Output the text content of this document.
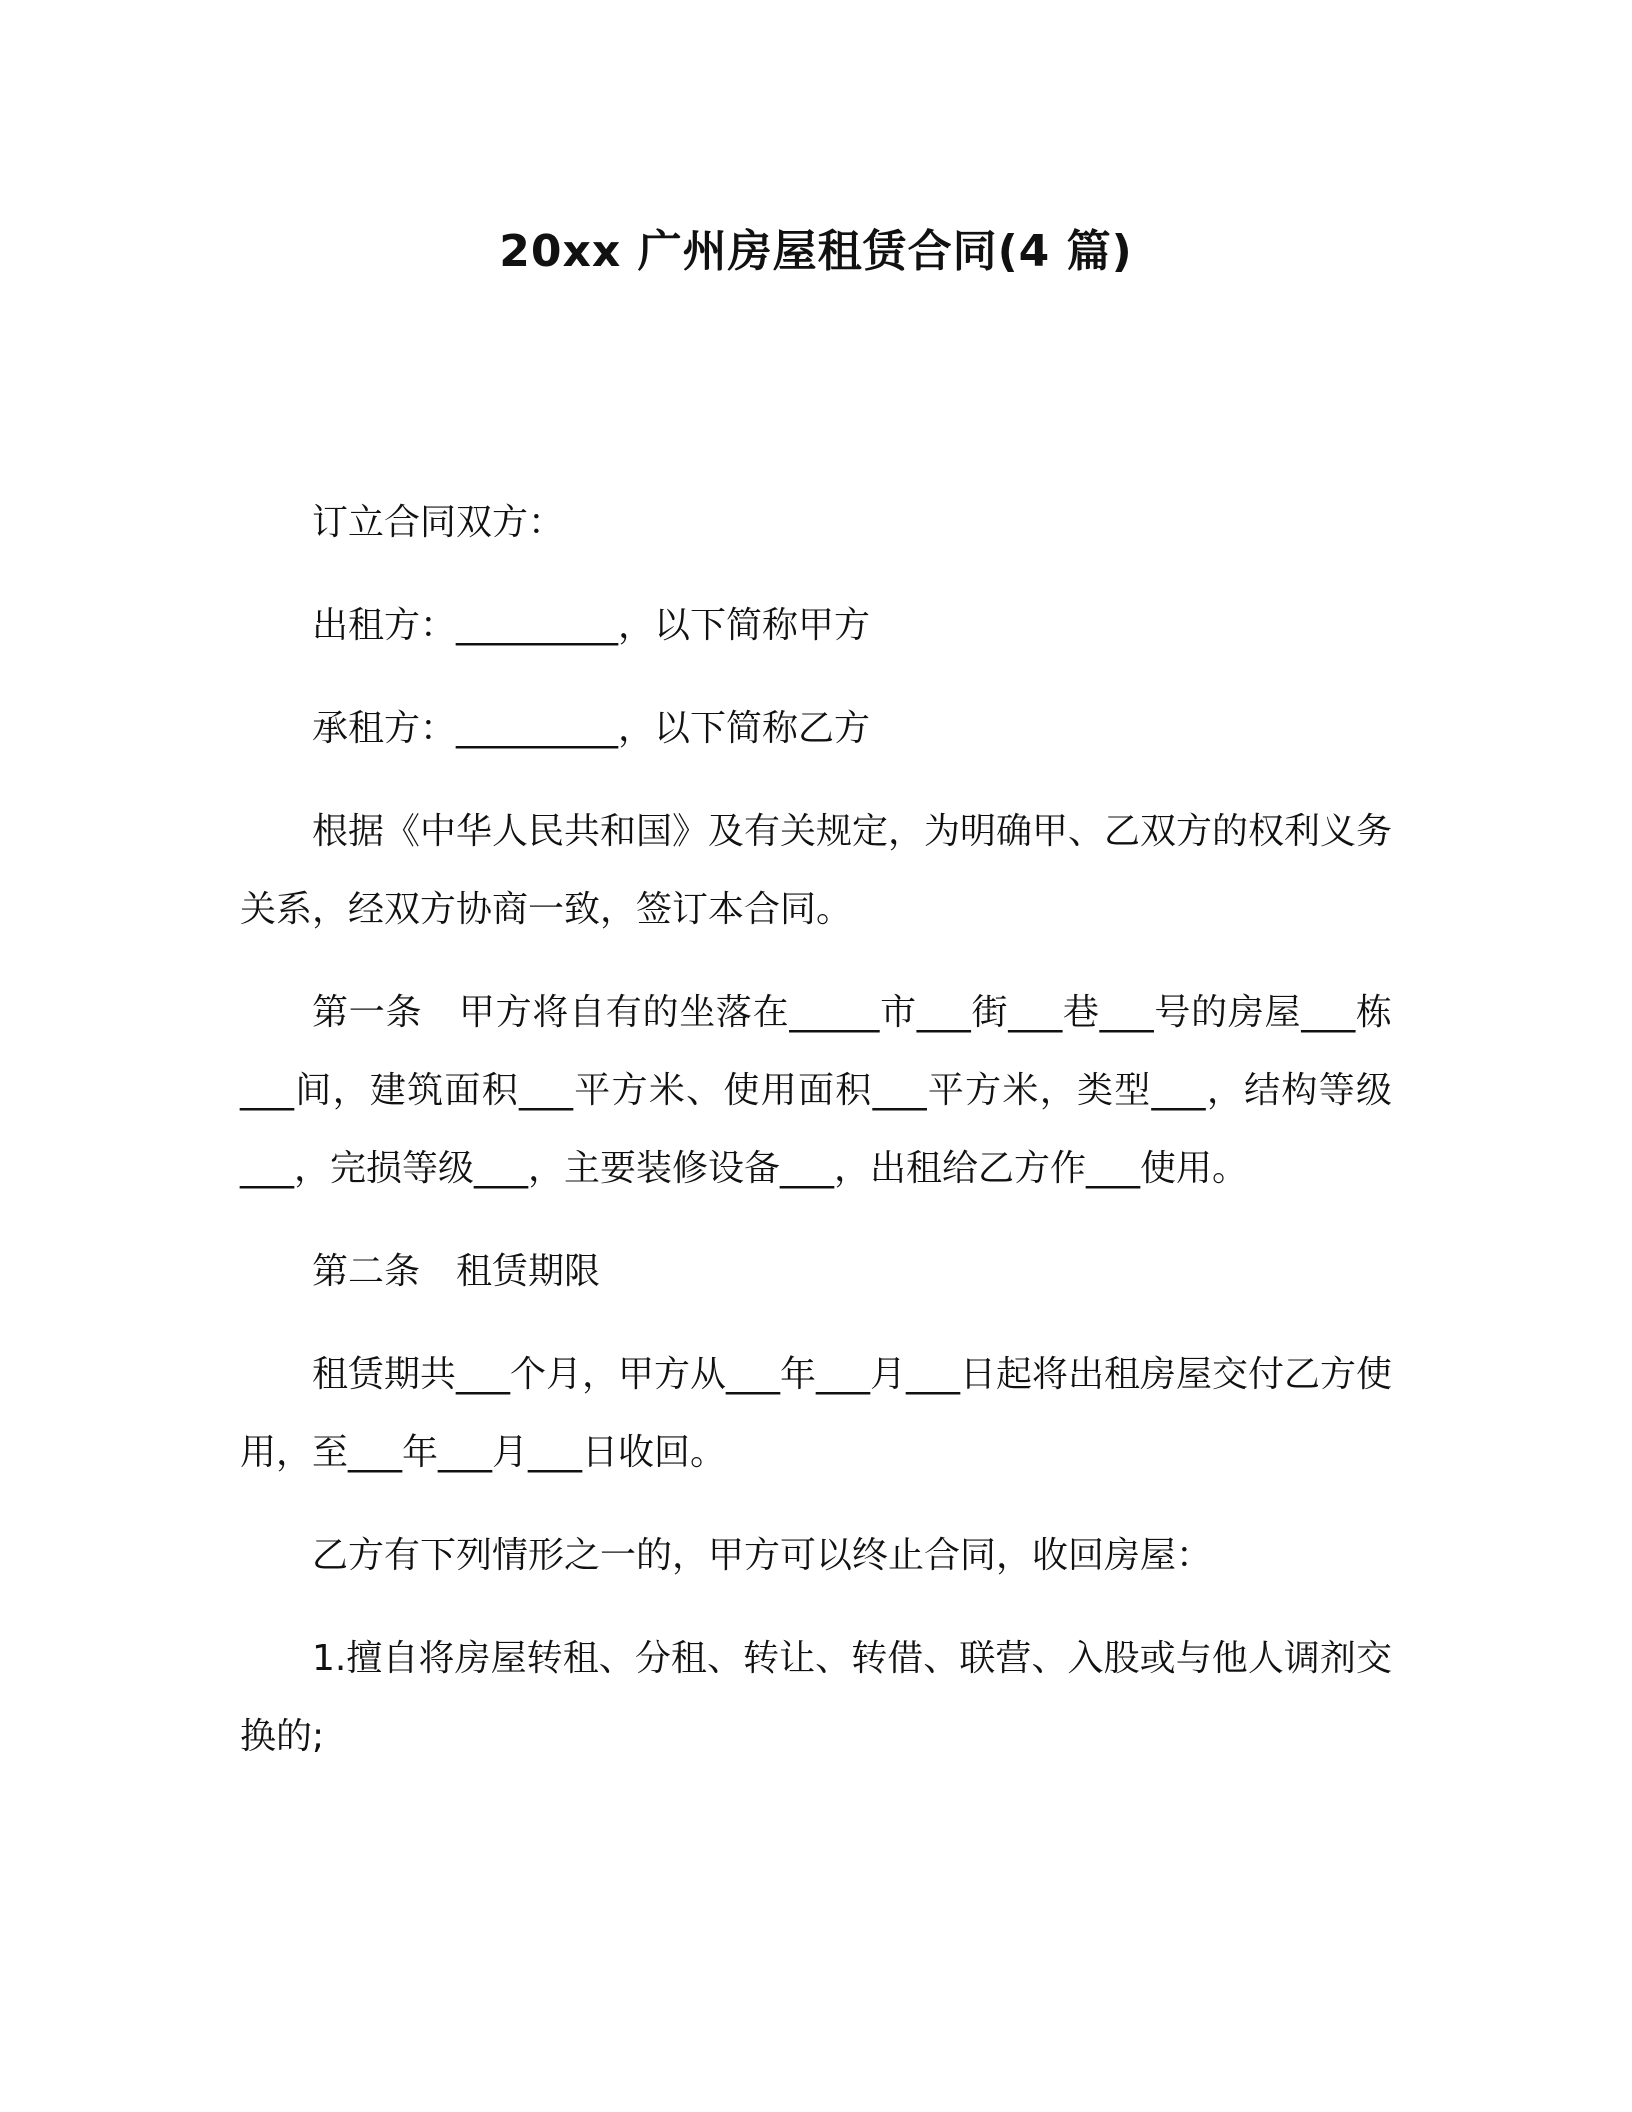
20xx 广州房屋租赁合同(4 篇)

订立合同双方：

出租方：_________，以下简称甲方

承租方：_________，以下简称乙方

根据《中华人民共和国》及有关规定，为明确甲、乙双方的权利义务关系，经双方协商一致，签订本合同。

第一条　甲方将自有的坐落在_____市___街___巷___号的房屋___栋___间，建筑面积___平方米、使用面积___平方米，类型___，结构等级___，完损等级___，主要装修设备___，出租给乙方作___使用。

第二条　租赁期限

租赁期共___个月，甲方从___年___月___日起将出租房屋交付乙方使用，至___年___月___日收回。

乙方有下列情形之一的，甲方可以终止合同，收回房屋：

1.擅自将房屋转租、分租、转让、转借、联营、入股或与他人调剂交换的;
